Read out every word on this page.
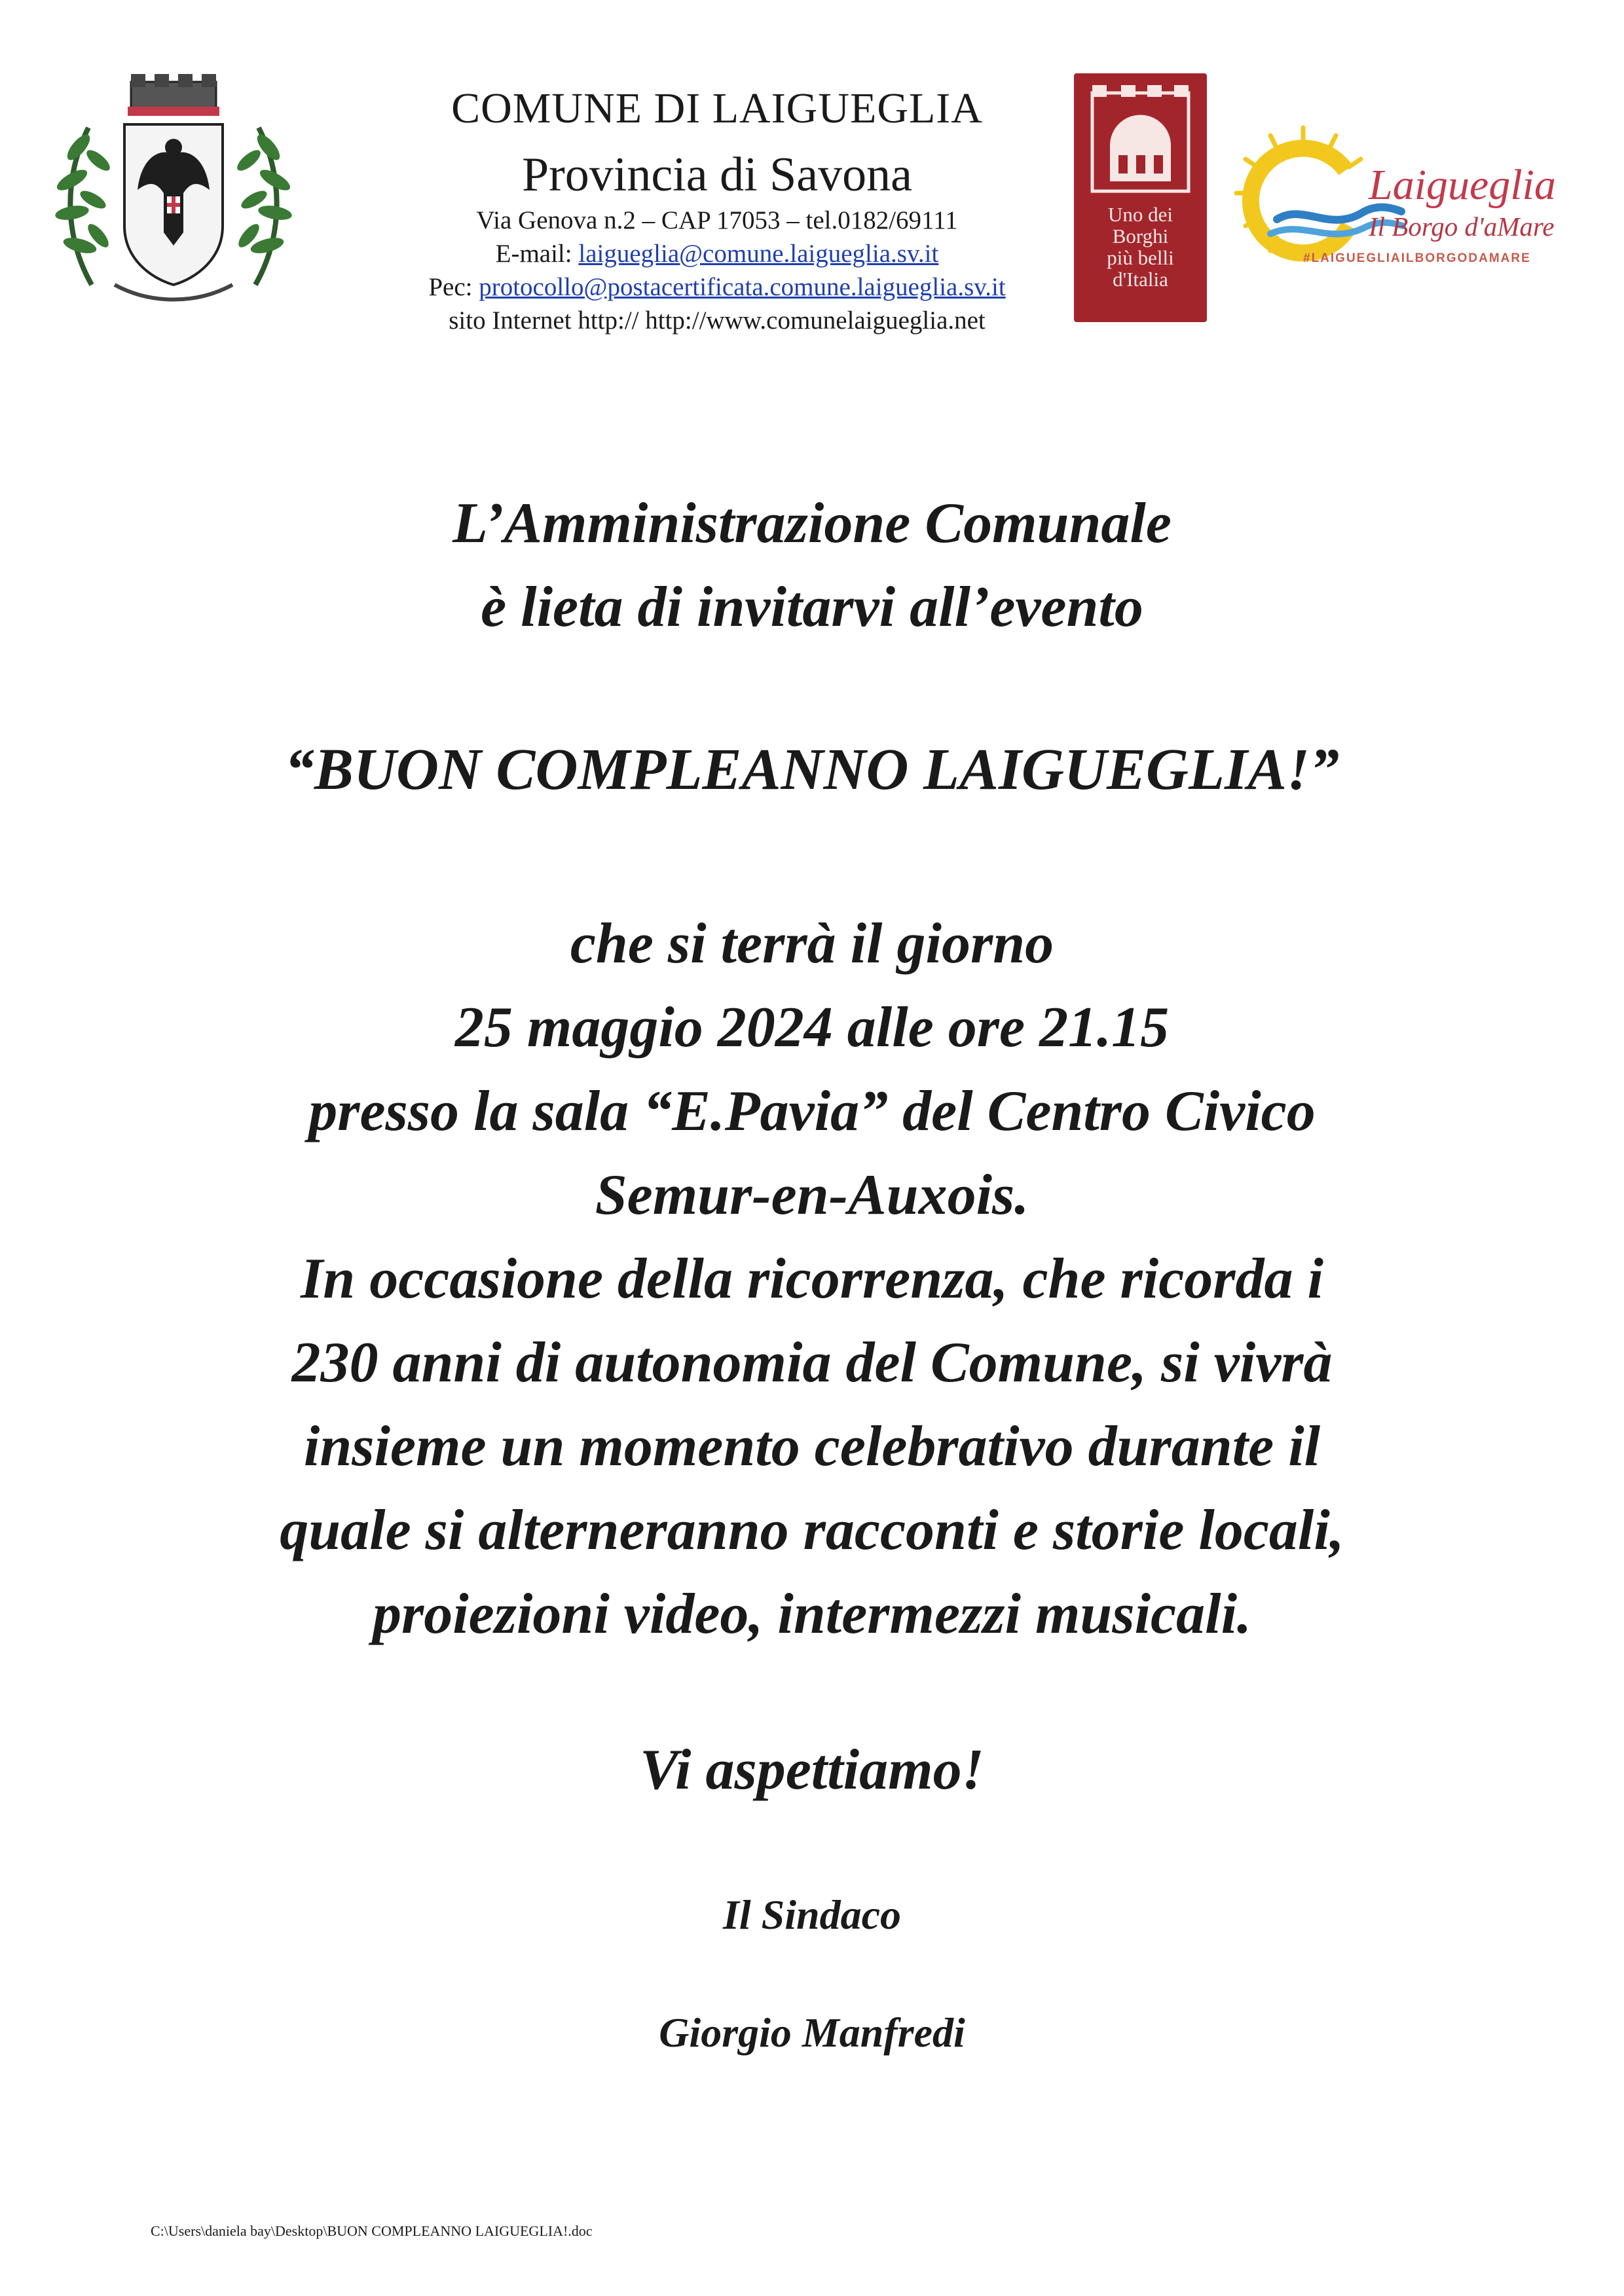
COMUNE DI LAIGUEGLIA
Provincia di Savona
Via Genova n.2 – CAP 17053 – tel.0182/69111
E-mail: laigueglia@comune.laigueglia.sv.it
Pec: protocollo@postacertificata.comune.laigueglia.sv.it
sito Internet http:// http://www.comunelaigueglia.net
Uno dei
Borghi
più belli
d'Italia
Laigueglia
Il Borgo d'aMare
#LAIGUEGLIAILBORGODAMARE
L’Amministrazione Comunale
è lieta di invitarvi all’evento
“BUON COMPLEANNO LAIGUEGLIA!”
che si terrà il giorno
25 maggio 2024 alle ore 21.15
presso la sala “E.Pavia” del Centro Civico
Semur-en-Auxois.
In occasione della ricorrenza, che ricorda i
230 anni di autonomia del Comune, si vivrà
insieme un momento celebrativo durante il
quale si alterneranno racconti e storie locali,
proiezioni video, intermezzi musicali.
Vi aspettiamo!
Il Sindaco
Giorgio Manfredi
C:\Users\daniela bay\Desktop\BUON COMPLEANNO LAIGUEGLIA!.doc
